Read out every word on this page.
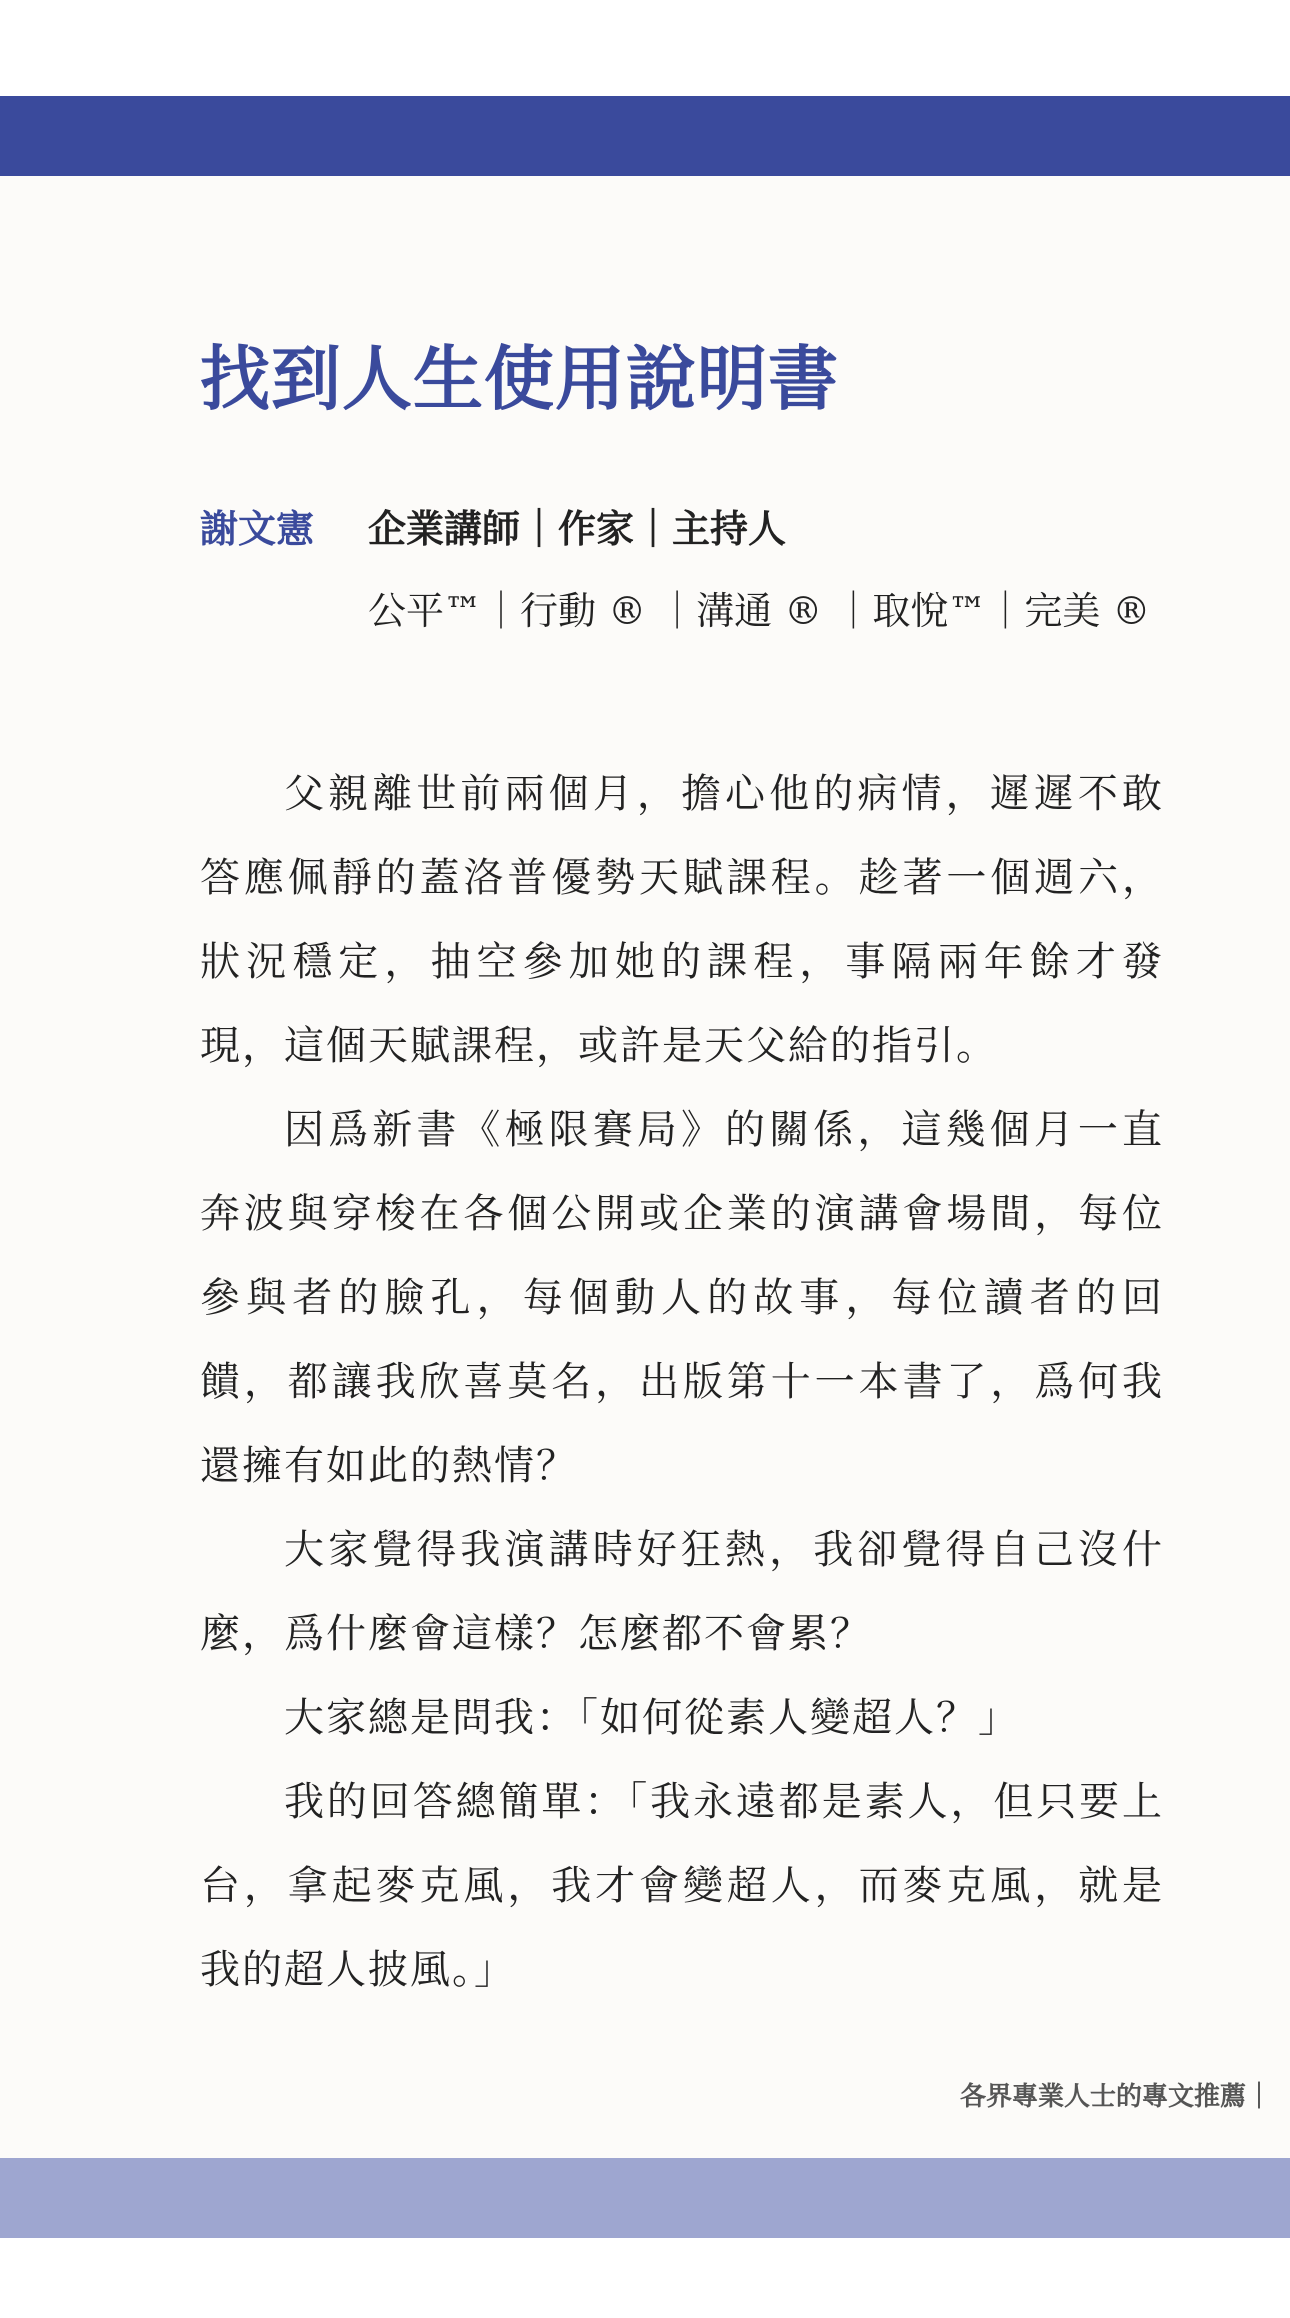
找到人生使用說明書
謝文憲 企業講師｜作家｜主持人
公平™｜行動 ® ｜溝通 ® ｜取悅™｜完美 ®

父親離世前兩個月，擔心他的病情，遲遲不敢答應佩靜的蓋洛普優勢天賦課程。趁著一個週六，狀況穩定，抽空參加她的課程，事隔兩年餘才發現，這個天賦課程，或許是天父給的指引。

因爲新書《極限賽局》的關係，這幾個月一直奔波與穿梭在各個公開或企業的演講會場間，每位參與者的臉孔，每個動人的故事，每位讀者的回饋，都讓我欣喜莫名，出版第十一本書了，爲何我還擁有如此的熱情？

大家覺得我演講時好狂熱，我卻覺得自己沒什麼，爲什麼會這樣？怎麼都不會累？

大家總是問我：「如何從素人變超人？」

我的回答總簡單：「我永遠都是素人，但只要上台，拿起麥克風，我才會變超人，而麥克風，就是我的超人披風。」

各界專業人士的專文推薦｜
